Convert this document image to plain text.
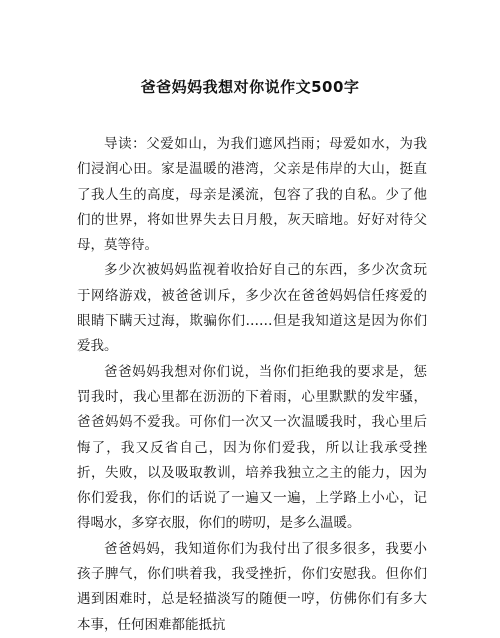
爸爸妈妈我想对你说作文500字

导读：父爱如山，为我们遮风挡雨；母爱如水，为我们浸润心田。家是温暖的港湾，父亲是伟岸的大山，挺直了我人生的高度，母亲是溪流，包容了我的自私。少了他们的世界，将如世界失去日月般，灰天暗地。好好对待父母，莫等待。

多少次被妈妈监视着收拾好自己的东西，多少次贪玩于网络游戏，被爸爸训斥，多少次在爸爸妈妈信任疼爱的眼睛下瞒天过海，欺骗你们……但是我知道这是因为你们爱我。

爸爸妈妈我想对你们说，当你们拒绝我的要求是，惩罚我时，我心里都在沥沥的下着雨，心里默默的发牢骚，爸爸妈妈不爱我。可你们一次又一次温暖我时，我心里后悔了，我又反省自己，因为你们爱我，所以让我承受挫折，失败，以及吸取教训，培养我独立之主的能力，因为你们爱我，你们的话说了一遍又一遍，上学路上小心，记得喝水，多穿衣服，你们的唠叨，是多么温暖。

爸爸妈妈，我知道你们为我付出了很多很多，我要小孩子脾气，你们哄着我，我受挫折，你们安慰我。但你们遇到困难时，总是轻描淡写的随便一哼，仿佛你们有多大本事，任何困难都能抵抗
